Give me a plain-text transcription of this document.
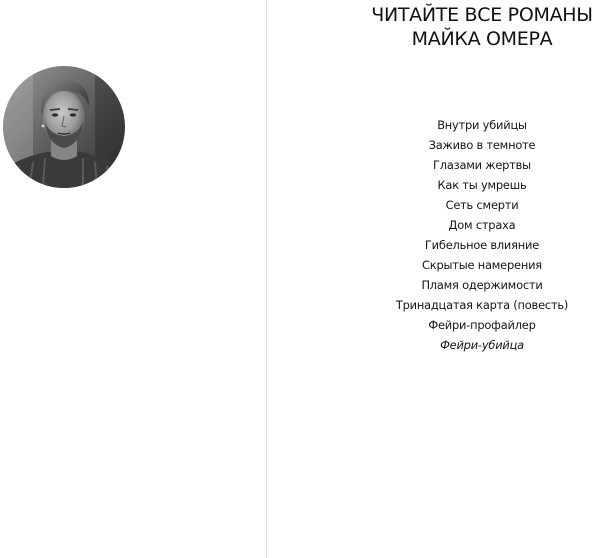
ЧИТАЙТЕ ВСЕ РОМАНЫ
МАЙКА ОМЕРА
Внутри убийцы
Заживо в темноте
Глазами жертвы
Как ты умрешь
Сеть смерти
Дом страха
Гибельное влияние
Скрытые намерения
Пламя одержимости
Тринадцатая карта (повесть)
Фейри-профайлер
Фейри-убийца
